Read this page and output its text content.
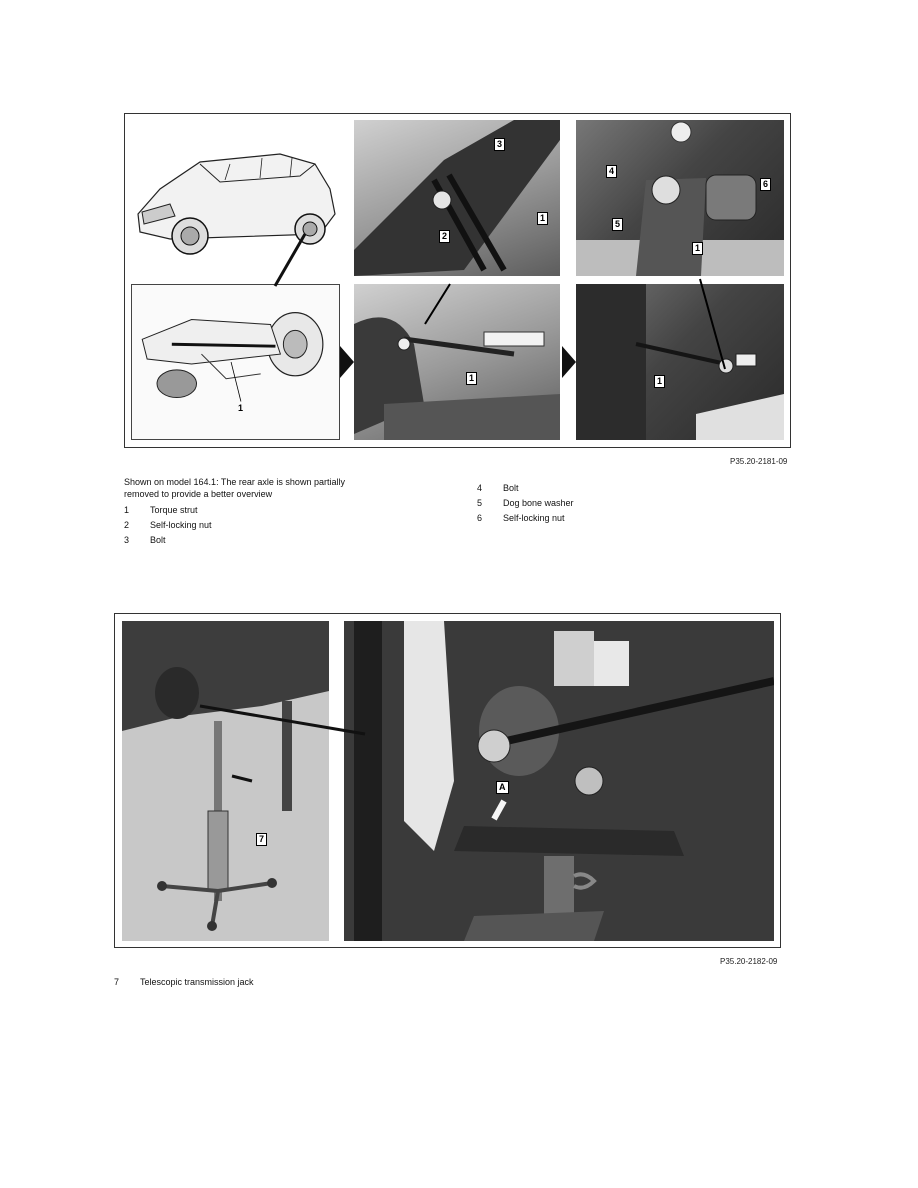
1
3
2
1
4
6
5
1
1	1
P35.20-2181-09
Shown on model 164.1: The rear axle is shown partially
removed to provide a better overview
1 Torque strut
2 Self-locking nut
3 Bolt
4 Bolt
5 Dog bone washer
6 Self-locking nut
7
A
P35.20-2182-09
7 Telescopic transmission jack
